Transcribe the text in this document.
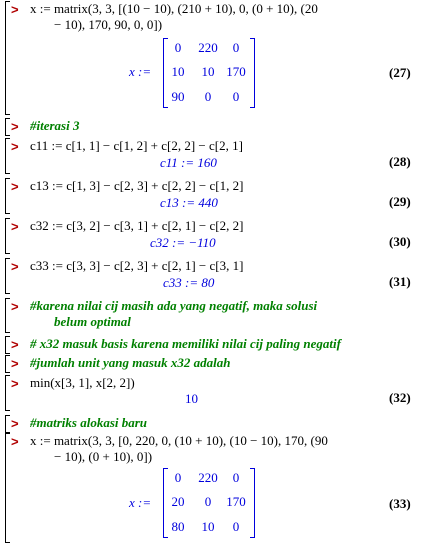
> x := matrix(3, 3, [(10 − 10), (210 + 10), 0, (0 + 10), (20
− 10), 170, 90, 0, 0])
x :=
0	220	0
10	10 170
90	0	0
(27)
> #iterasi 3
> c11 := c[1, 1] − c[1, 2] + c[2, 2] − c[2, 1]
c11 := 160	(28)
> c13 := c[1, 3] − c[2, 3] + c[2, 2] − c[1, 2]
c13 := 440	(29)
> c32 := c[3, 2] − c[3, 1] + c[2, 1] − c[2, 2]
c32 := −110	(30)
> c33 := c[3, 3] − c[2, 3] + c[2, 1] − c[3, 1]
c33 := 80	(31)
> #karena nilai cij masih ada yang negatif, maka solusi
belum optimal
> # x32 masuk basis karena memiliki nilai cij paling negatif
> #jumlah unit yang masuk x32 adalah
> min(x[3, 1], x[2, 2])
10	(32)
> #matriks alokasi baru
> x := matrix(3, 3, [0, 220, 0, (10 + 10), (10 − 10), 170, (90
− 10), (0 + 10), 0])
x :=
0	220	0
20	0	170
80	10	0
(33)
